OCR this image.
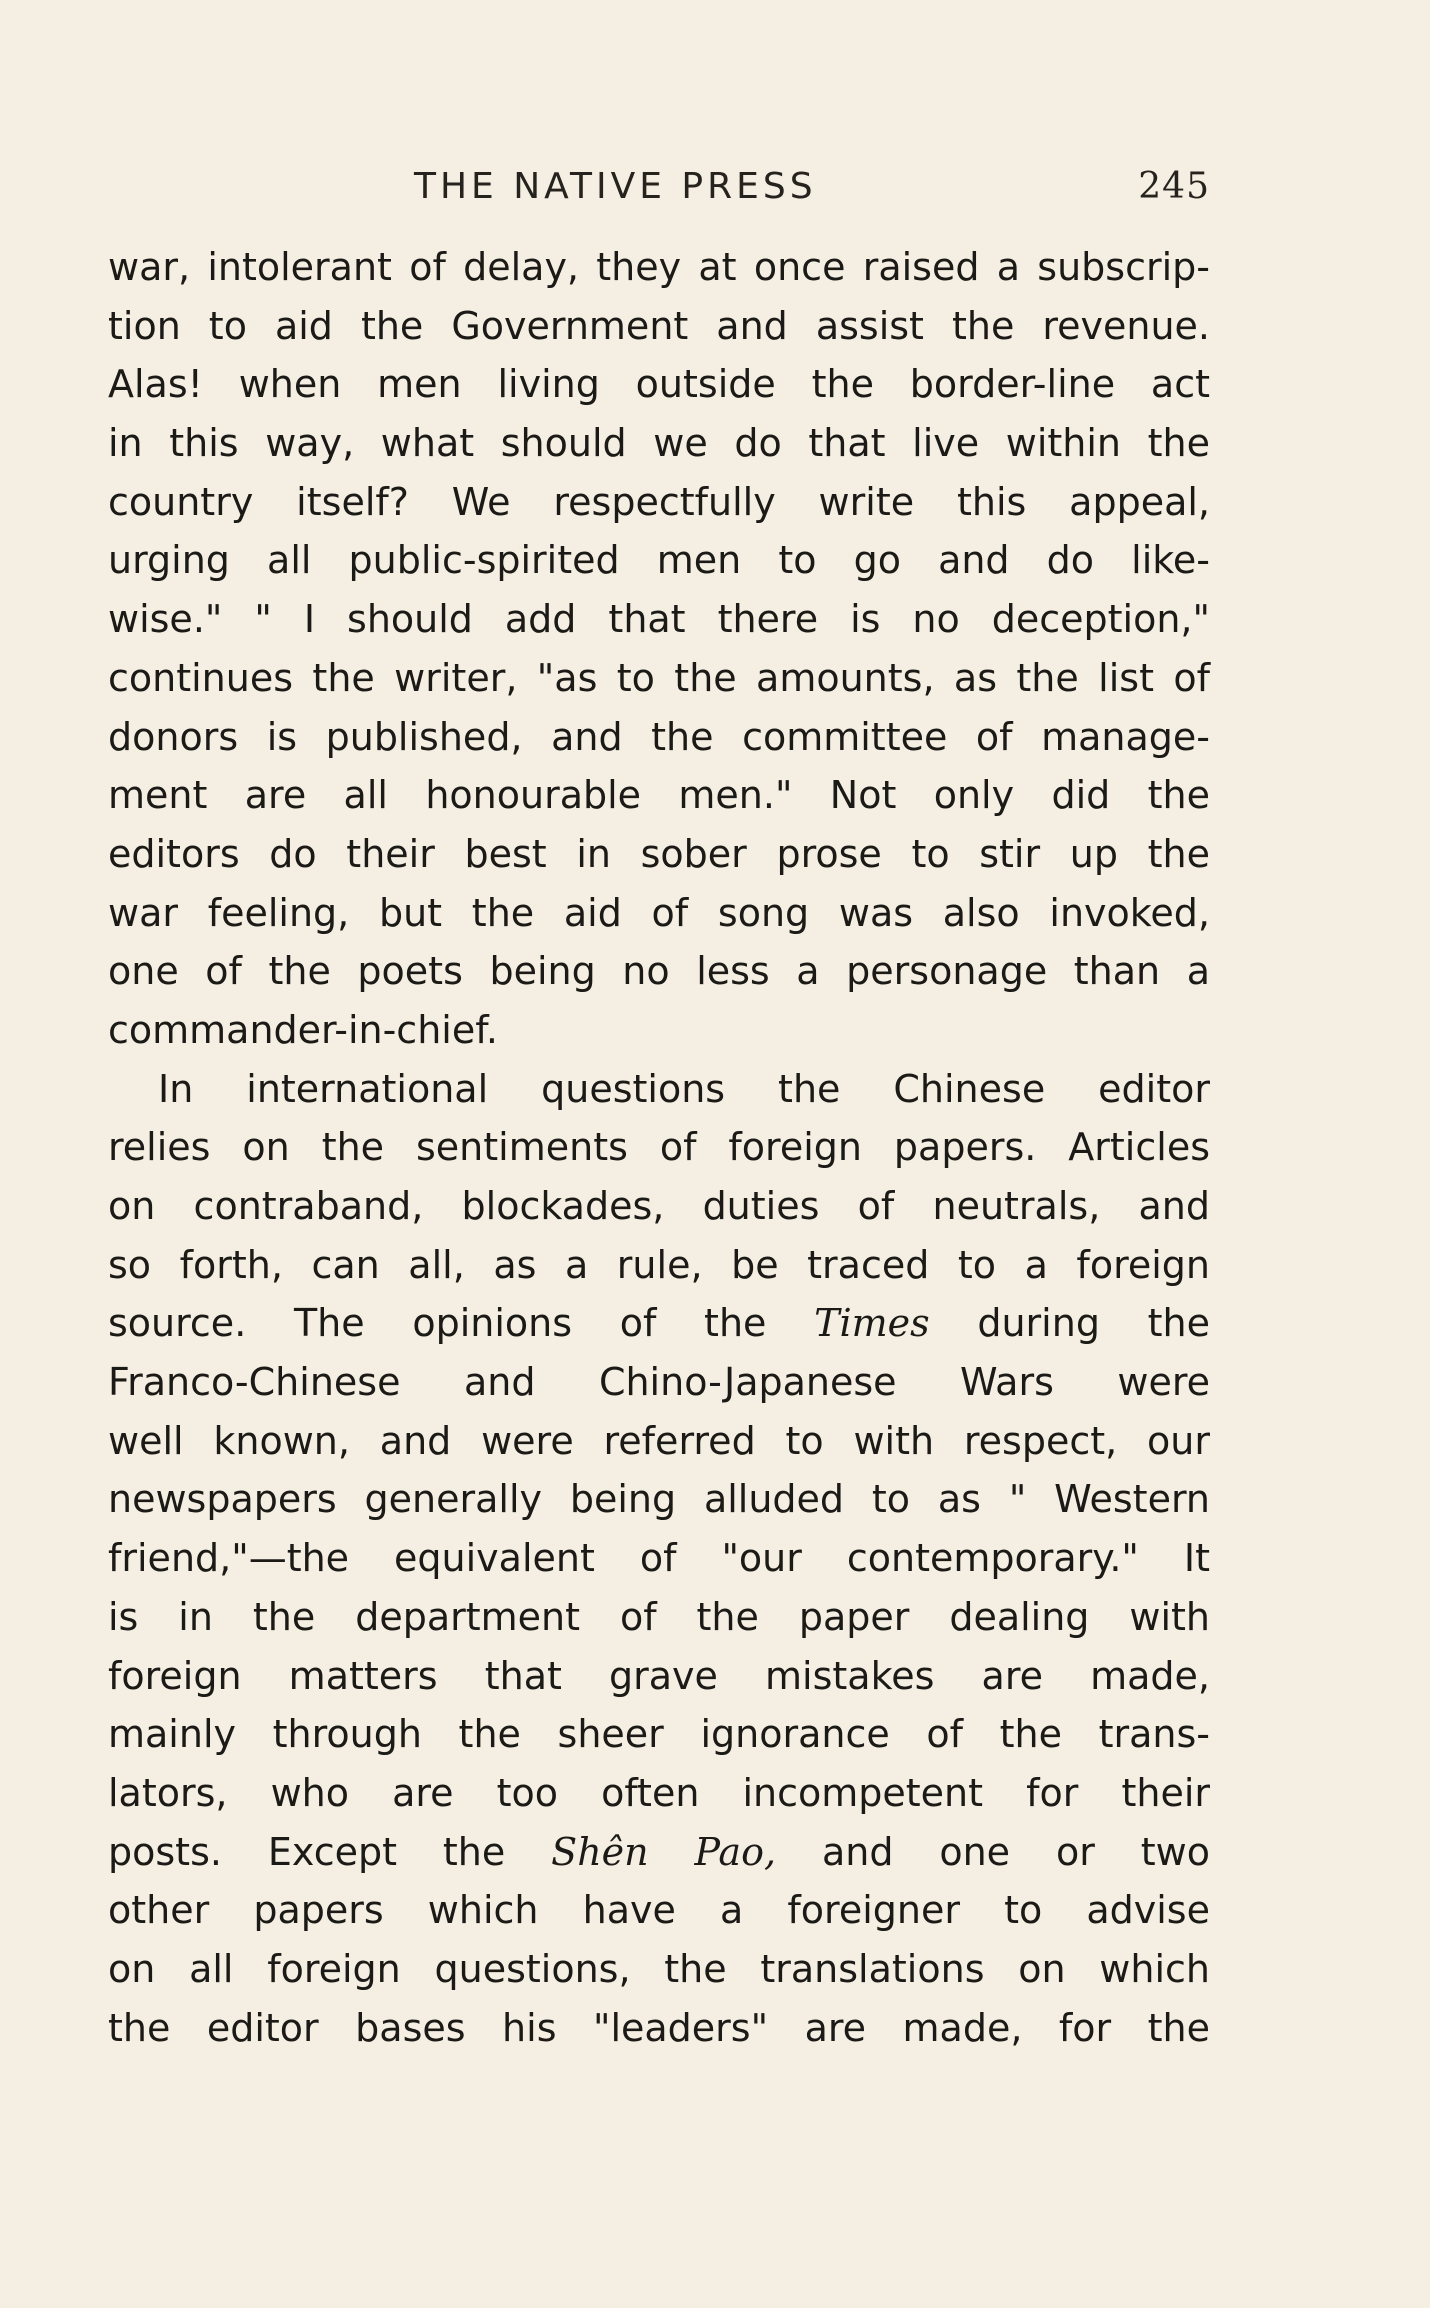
THE NATIVE PRESS	245
war, intolerant of delay, they at once raised a subscrip-
tion to aid the Government and assist the revenue.
Alas! when men living outside the border-line act
in this way, what should we do that live within the
country itself? We respectfully write this appeal,
urging all public-spirited men to go and do like-
wise." " I should add that there is no deception,"
continues the writer, "as to the amounts, as the list of
donors is published, and the committee of manage-
ment are all honourable men." Not only did the
editors do their best in sober prose to stir up the
war feeling, but the aid of song was also invoked,
one of the poets being no less a personage than a
commander-in-chief.
In international questions the Chinese editor
relies on the sentiments of foreign papers. Articles
on contraband, blockades, duties of neutrals, and
so forth, can all, as a rule, be traced to a foreign
source. The opinions of the Times during the
Franco-Chinese and Chino-Japanese Wars were
well known, and were referred to with respect, our
newspapers generally being alluded to as " Western
friend,"—the equivalent of "our contemporary." It
is in the department of the paper dealing with
foreign matters that grave mistakes are made,
mainly through the sheer ignorance of the trans-
lators, who are too often incompetent for their
posts. Except the Shên Pao, and one or two
other papers which have a foreigner to advise
on all foreign questions, the translations on which
the editor bases his "leaders" are made, for the
